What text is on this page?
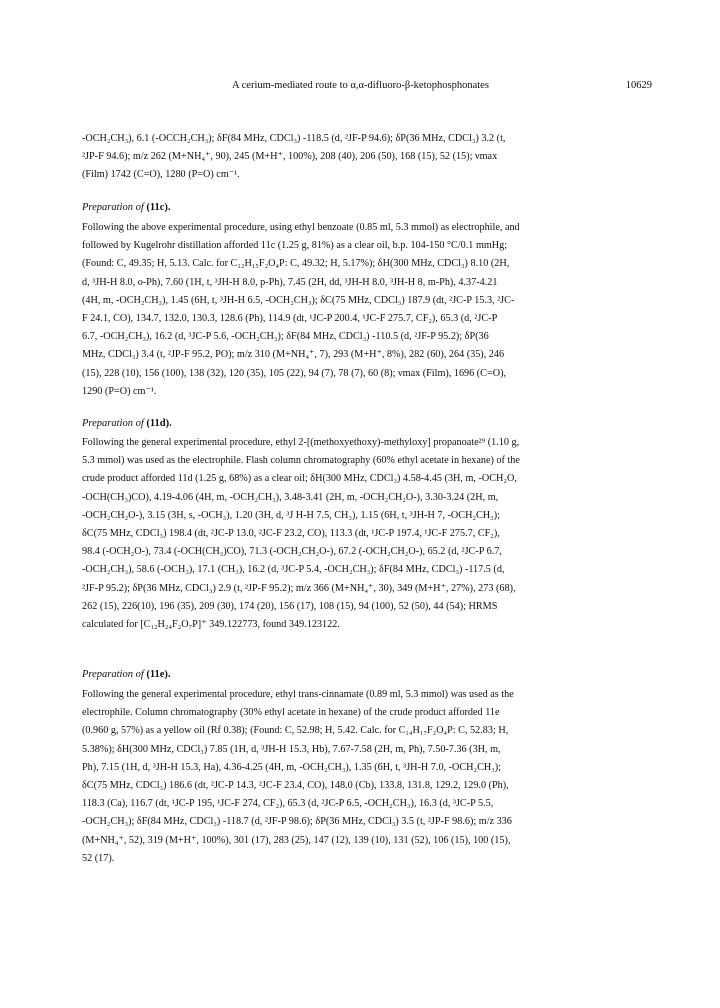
A cerium-mediated route to α,α-difluoro-β-ketophosphonates	10629
-OCH₂CH₃), 6.1 (-OCCH₂CH₃); δF(84 MHz, CDCl₃) -118.5 (d, ²JF-P 94.6); δP(36 MHz, CDCl₃) 3.2 (t,
²JP-F 94.6); m/z 262 (M+NH₄⁺, 90), 245 (M+H⁺, 100%), 208 (40), 206 (50), 168 (15), 52 (15); νmax
(Film) 1742 (C=O), 1280 (P=O) cm⁻¹.
Preparation of (11c).
Following the above experimental procedure, using ethyl benzoate (0.85 ml, 5.3 mmol) as electrophile, and
followed by Kugelrohr distillation afforded 11c (1.25 g, 81%) as a clear oil, b.p. 104-150 °C/0.1 mmHg;
(Found: C, 49.35; H, 5.13. Calc. for C₁₂H₁₅F₂O₄P: C, 49.32; H, 5.17%); δH(300 MHz, CDCl₃) 8.10 (2H,
d, ³JH-H 8.0, o-Ph), 7.60 (1H, t, ³JH-H 8.0, p-Ph), 7.45 (2H, dd, ³JH-H 8.0, ³JH-H 8, m-Ph), 4.37-4.21
(4H, m, -OCH₂CH₃), 1.45 (6H, t, ³JH-H 6.5, -OCH₂CH₃); δC(75 MHz, CDCl₃) 187.9 (dt, ²JC-P 15.3, ²JC-
F 24.1, CO), 134.7, 132.0, 130.3, 128.6 (Ph), 114.9 (dt, ¹JC-P 200.4, ¹JC-F 275.7, CF₂), 65.3 (d, ²JC-P
6.7, -OCH₂CH₃), 16.2 (d, ³JC-P 5.6, -OCH₂CH₃); δF(84 MHz, CDCl₃) -110.5 (d, ²JF-P 95.2); δP(36
MHz, CDCl₃) 3.4 (t, ²JP-F 95.2, PO); m/z 310 (M+NH₄⁺, 7), 293 (M+H⁺, 8%), 282 (60), 264 (35), 246
(15), 228 (10), 156 (100), 138 (32), 120 (35), 105 (22), 94 (7), 78 (7), 60 (8); νmax (Film), 1696 (C=O),
1290 (P=O) cm⁻¹.
Preparation of (11d).
Following the general experimental procedure, ethyl 2-[(methoxyethoxy)-methyloxy] propanoate²⁹ (1.10 g,
5.3 mmol) was used as the electrophile. Flash column chromatography (60% ethyl acetate in hexane) of the
crude product afforded 11d (1.25 g, 68%) as a clear oil; δH(300 MHz, CDCl₃) 4.58-4.45 (3H, m, -OCH₂O,
-OCH(CH₃)CO), 4.19-4.06 (4H, m, -OCH₂CH₃), 3.48-3.41 (2H, m, -OCH₂CH₂O-), 3.30-3.24 (2H, m,
-OCH₂CH₂O-), 3.15 (3H, s, -OCH₃), 1.20 (3H, d, ³J H-H 7.5, CH₃), 1.15 (6H, t, ³JH-H 7, -OCH₂CH₃);
δC(75 MHz, CDCl₃) 198.4 (dt, ²JC-P 13.0, ²JC-F 23.2, CO), 113.3 (dt, ¹JC-P 197.4, ¹JC-F 275.7, CF₂),
98.4 (-OCH₂O-), 73.4 (-OCH(CH₃)CO), 71.3 (-OCH₂CH₂O-), 67.2 (-OCH₂CH₂O-), 65.2 (d, ²JC-P 6.7,
-OCH₂CH₃), 58.6 (-OCH₃), 17.1 (CH₃), 16.2 (d, ³JC-P 5.4, -OCH₂CH₃); δF(84 MHz, CDCl₃) -117.5 (d,
²JF-P 95.2); δP(36 MHz, CDCl₃) 2.9 (t, ²JP-F 95.2); m/z 366 (M+NH₄⁺, 30), 349 (M+H⁺, 27%), 273 (68),
262 (15), 226(10), 196 (35), 209 (30), 174 (20), 156 (17), 108 (15), 94 (100), 52 (50), 44 (54); HRMS
calculated for [C₁₂H₂₄F₂O₇P]⁺ 349.122773, found 349.123122.
Preparation of (11e).
Following the general experimental procedure, ethyl trans-cinnamate (0.89 ml, 5.3 mmol) was used as the
electrophile. Column chromatography (30% ethyl acetate in hexane) of the crude product afforded 11e
(0.960 g, 57%) as a yellow oil (Rf 0.38); (Found: C, 52.98; H, 5.42. Calc. for C₁₄H₁₇F₂O₄P: C, 52.83; H,
5.38%); δH(300 MHz, CDCl₃) 7.85 (1H, d, ³JH-H 15.3, Hb), 7.67-7.58 (2H, m, Ph), 7.50-7.36 (3H, m,
Ph), 7.15 (1H, d, ³JH-H 15.3, Ha), 4.36-4.25 (4H, m, -OCH₂CH₃), 1.35 (6H, t, ³JH-H 7.0, -OCH₂CH₃);
δC(75 MHz, CDCl₃) 186.6 (dt, ²JC-P 14.3, ²JC-F 23.4, CO), 148.0 (Cb), 133.8, 131.8, 129.2, 129.0 (Ph),
118.3 (Ca), 116.7 (dt, ¹JC-P 195, ¹JC-F 274, CF₂), 65.3 (d, ²JC-P 6.5, -OCH₂CH₃), 16.3 (d, ³JC-P 5.5,
-OCH₂CH₃); δF(84 MHz, CDCl₃) -118.7 (d, ²JF-P 98.6); δP(36 MHz, CDCl₃) 3.5 (t, ²JP-F 98.6); m/z 336
(M+NH₄⁺, 52), 319 (M+H⁺, 100%), 301 (17), 283 (25), 147 (12), 139 (10), 131 (52), 106 (15), 100 (15),
52 (17).
